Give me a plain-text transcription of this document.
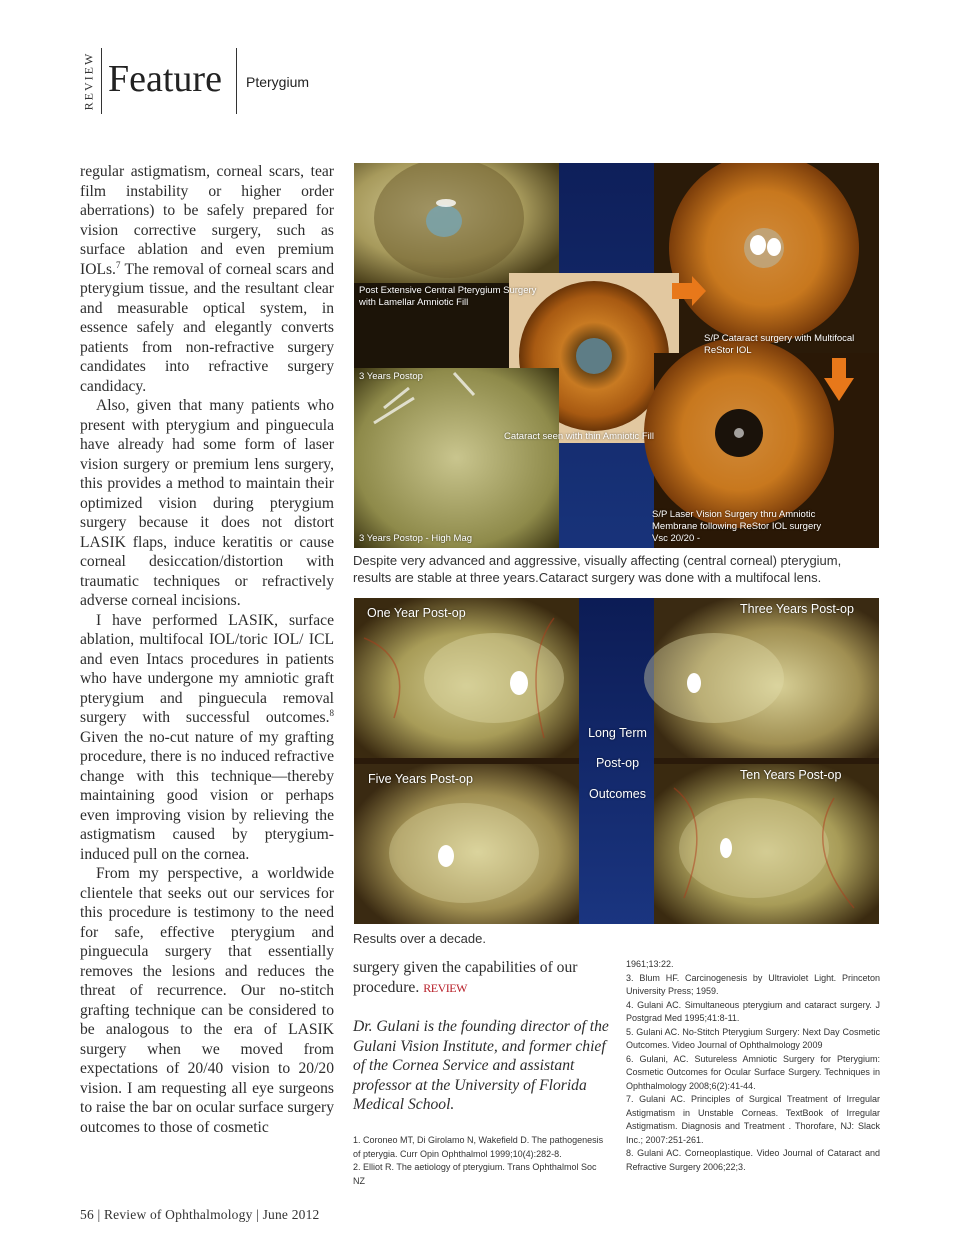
REVIEW Feature Pterygium

regular astigmatism, corneal scars, tear film instability or higher order aberrations) to be safely prepared for vision corrective surgery, such as surface ablation and even premium IOLs.$^7$ The removal of corneal scars and pterygium tissue, and the resultant clear and measurable optical system, in essence safely and elegantly converts patients from non-refractive surgery candidates into refractive surgery candidacy.

Also, given that many patients who present with pterygium and pinguecula have already had some form of laser vision surgery or premium lens surgery, this provides a method to maintain their optimized vision during pterygium surgery because it does not distort LASIK flaps, induce keratitis or cause corneal desiccation/distortion with traumatic techniques or refractively adverse corneal incisions.

I have performed LASIK, surface ablation, multifocal IOL/toric IOL/ ICL and even Intacs procedures in patients who have undergone my amniotic graft pterygium and pinguecula removal surgery with successful outcomes.$^8$ Given the no-cut nature of my grafting procedure, there is no induced refractive change with this technique—thereby maintaining good vision or perhaps even improving vision by relieving the astigmatism caused by pterygium-induced pull on the cornea.

From my perspective, a worldwide clientele that seeks out our services for this procedure is testimony to the need for safe, effective pterygium and pinguecula surgery that essentially removes the lesions and reduces the threat of recurrence. Our no-stitch grafting technique can be considered to be analogous to the era of LASIK surgery when we moved from expectations of 20/40 vision to 20/20 vision. I am requesting all eye surgeons to raise the bar on ocular surface surgery outcomes to those of cosmetic

Post Extensive Central Pterygium Surgery
with Lamellar Amniotic Fill
3 Years Postop
Cataract seen with thin Amniotic Fill
S/P Cataract surgery with Multifocal
ReStor IOL
S/P Laser Vision Surgery thru Amniotic
Membrane following ReStor IOL surgery
Vsc 20/20 -
3 Years Postop - High Mag
Despite very advanced and aggressive, visually affecting (central corneal) pterygium, results are stable at three years.Cataract surgery was done with a multifocal lens.
One Year Post-op	Three Years Post-op
Five Years Post-op	Ten Years Post-op
Long Term
Post-op
Outcomes
Results over a decade.
surgery given the capabilities of our procedure. REVIEW
Dr. Gulani is the founding director of the Gulani Vision Institute, and former chief of the Cornea Service and assistant professor at the University of Florida Medical School.
1. Coroneo MT, Di Girolamo N, Wakefield D. The pathogenesis of pterygia. Curr Opin Ophthalmol 1999;10(4):282-8.
2. Elliot R. The aetiology of pterygium. Trans Ophthalmol Soc NZ
1961;13:22.
3. Blum HF. Carcinogenesis by Ultraviolet Light. Princeton University Press; 1959.
4. Gulani AC. Simultaneous pterygium and cataract surgery. J Postgrad Med 1995;41:8-11.
5. Gulani AC. No-Stitch Pterygium Surgery: Next Day Cosmetic Outcomes. Video Journal of Ophthalmology 2009
6. Gulani, AC. Sutureless Amniotic Surgery for Pterygium: Cosmetic Outcomes for Ocular Surface Surgery. Techniques in Ophthalmology 2008;6(2):41-44.
7. Gulani AC. Principles of Surgical Treatment of Irregular Astigmatism in Unstable Corneas. TextBook of Irregular Astigmatism. Diagnosis and Treatment . Thorofare, NJ: Slack Inc.; 2007:251-261.
8. Gulani AC. Corneoplastique. Video Journal of Cataract and Refractive Surgery 2006;22;3.
56 | Review of Ophthalmology | June 2012
